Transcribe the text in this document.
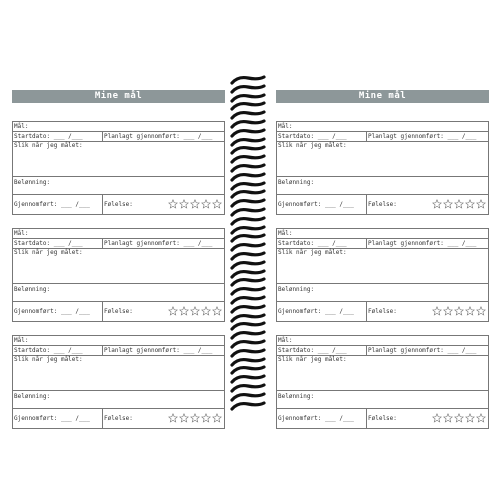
Mine mål
Mål:
Startdato: ___ /___	Planlagt gjennomført: ___ /___
Slik når jeg målet:
Belønning:
Gjennomført: ___ /___ Følelse:
Mål:
Startdato: ___ /___	Planlagt gjennomført: ___ /___
Slik når jeg målet:
Belønning:
Gjennomført: ___ /___ Følelse:
Mål:
Startdato: ___ /___	Planlagt gjennomført: ___ /___
Slik når jeg målet:
Belønning:
Gjennomført: ___ /___ Følelse:
Mine mål
Mål:
Startdato: ___ /___	Planlagt gjennomført: ___ /___
Slik når jeg målet:
Belønning:
Gjennomført: ___ /___ Følelse:
Mål:
Startdato: ___ /___	Planlagt gjennomført: ___ /___
Slik når jeg målet:
Belønning:
Gjennomført: ___ /___ Følelse:
Mål:
Startdato: ___ /___	Planlagt gjennomført: ___ /___
Slik når jeg målet:
Belønning:
Gjennomført: ___ /___ Følelse:
